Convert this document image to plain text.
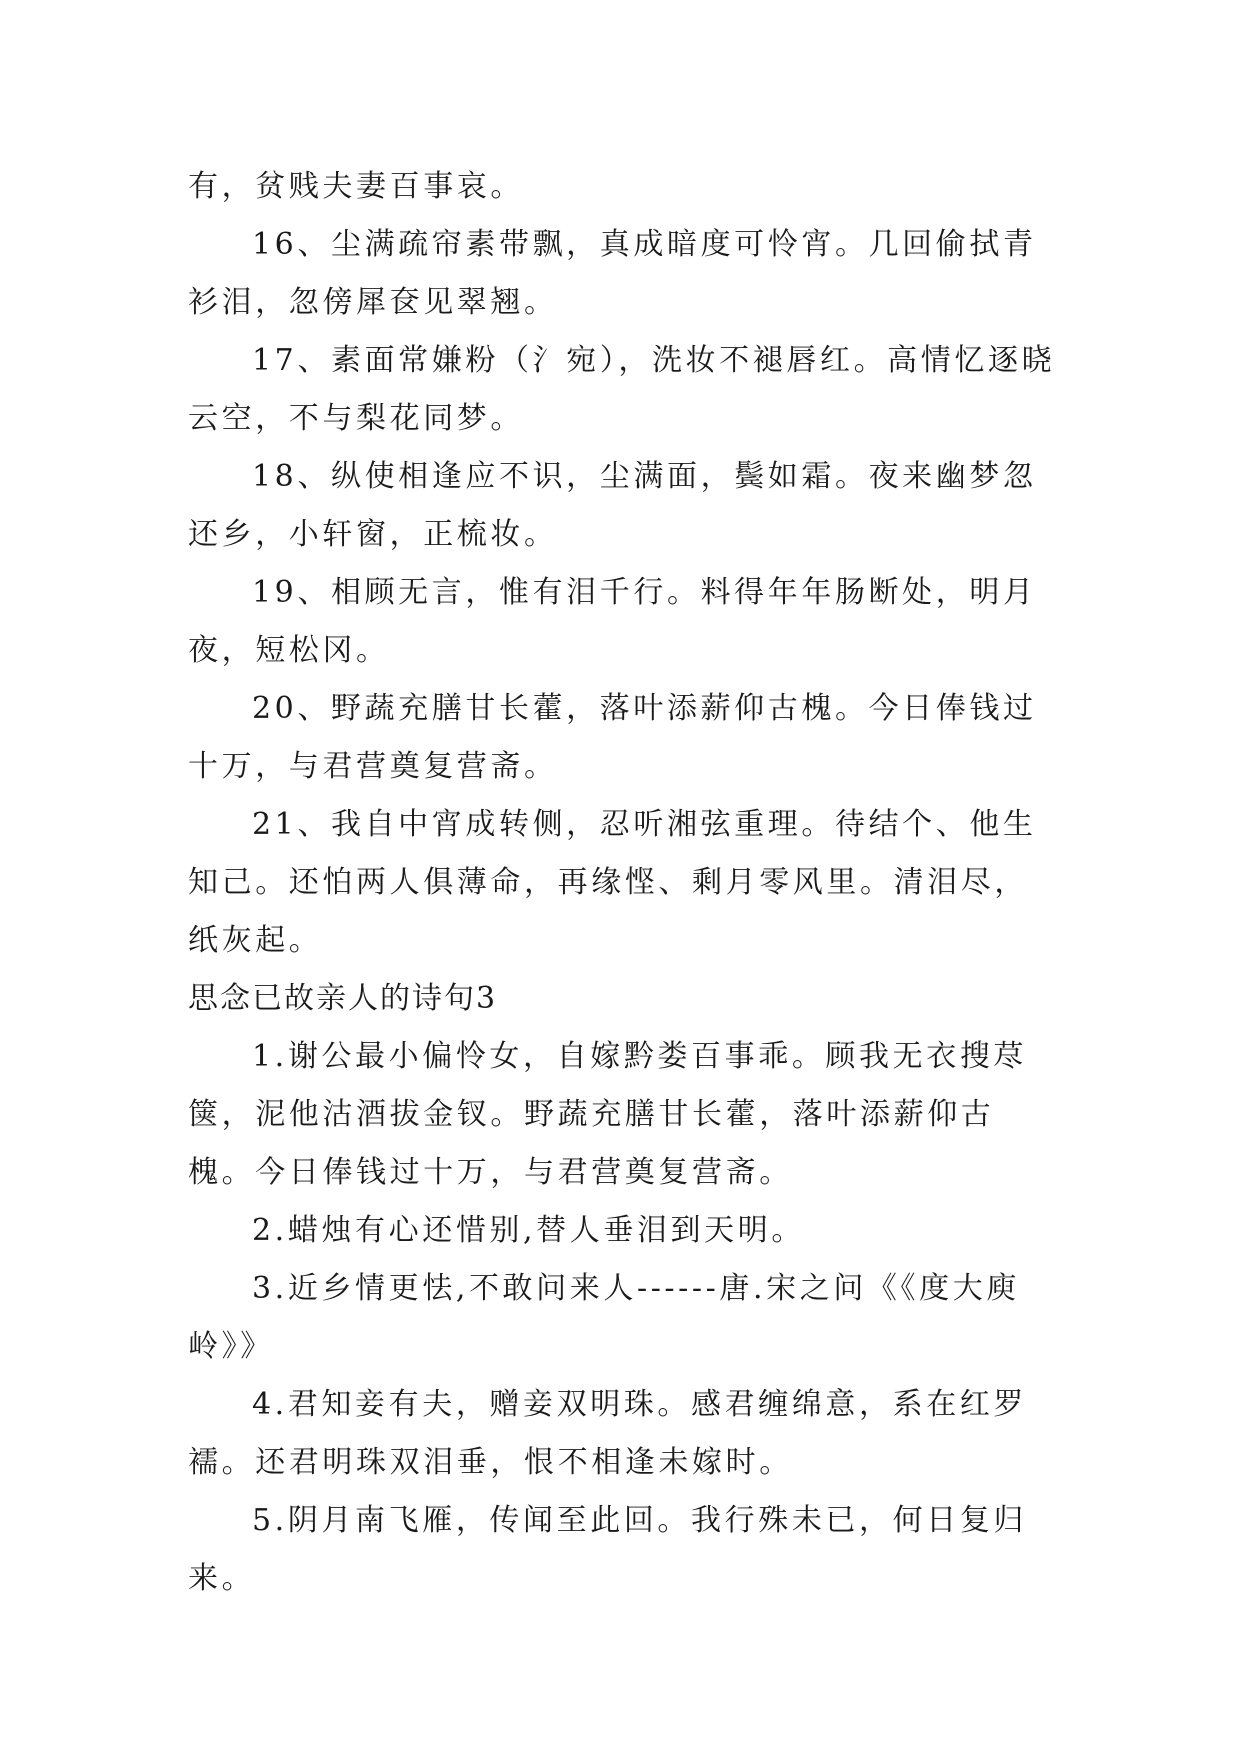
有，贫贱夫妻百事哀。

16、尘满疏帘素带飘，真成暗度可怜宵。几回偷拭青衫泪，忽傍犀奁见翠翘。

17、素面常嫌粉（氵宛），洗妆不褪唇红。高情忆逐晓云空，不与梨花同梦。

18、纵使相逢应不识，尘满面，鬓如霜。夜来幽梦忽还乡，小轩窗，正梳妆。

19、相顾无言，惟有泪千行。料得年年肠断处，明月夜，短松冈。

20、野蔬充膳甘长藿，落叶添薪仰古槐。今日俸钱过十万，与君营奠复营斋。

21、我自中宵成转侧，忍听湘弦重理。待结个、他生知己。还怕两人俱薄命，再缘悭、剩月零风里。清泪尽，纸灰起。

思念已故亲人的诗句3

1.谢公最小偏怜女，自嫁黔娄百事乖。顾我无衣搜荩箧，泥他沽酒拔金钗。野蔬充膳甘长藿，落叶添薪仰古槐。今日俸钱过十万，与君营奠复营斋。

2.蜡烛有心还惜别,替人垂泪到天明。

3.近乡情更怯,不敢问来人------唐.宋之问《《度大庾岭》》

4.君知妾有夫，赠妾双明珠。感君缠绵意，系在红罗襦。还君明珠双泪垂，恨不相逢未嫁时。

5.阴月南飞雁，传闻至此回。我行殊未已，何日复归来。
